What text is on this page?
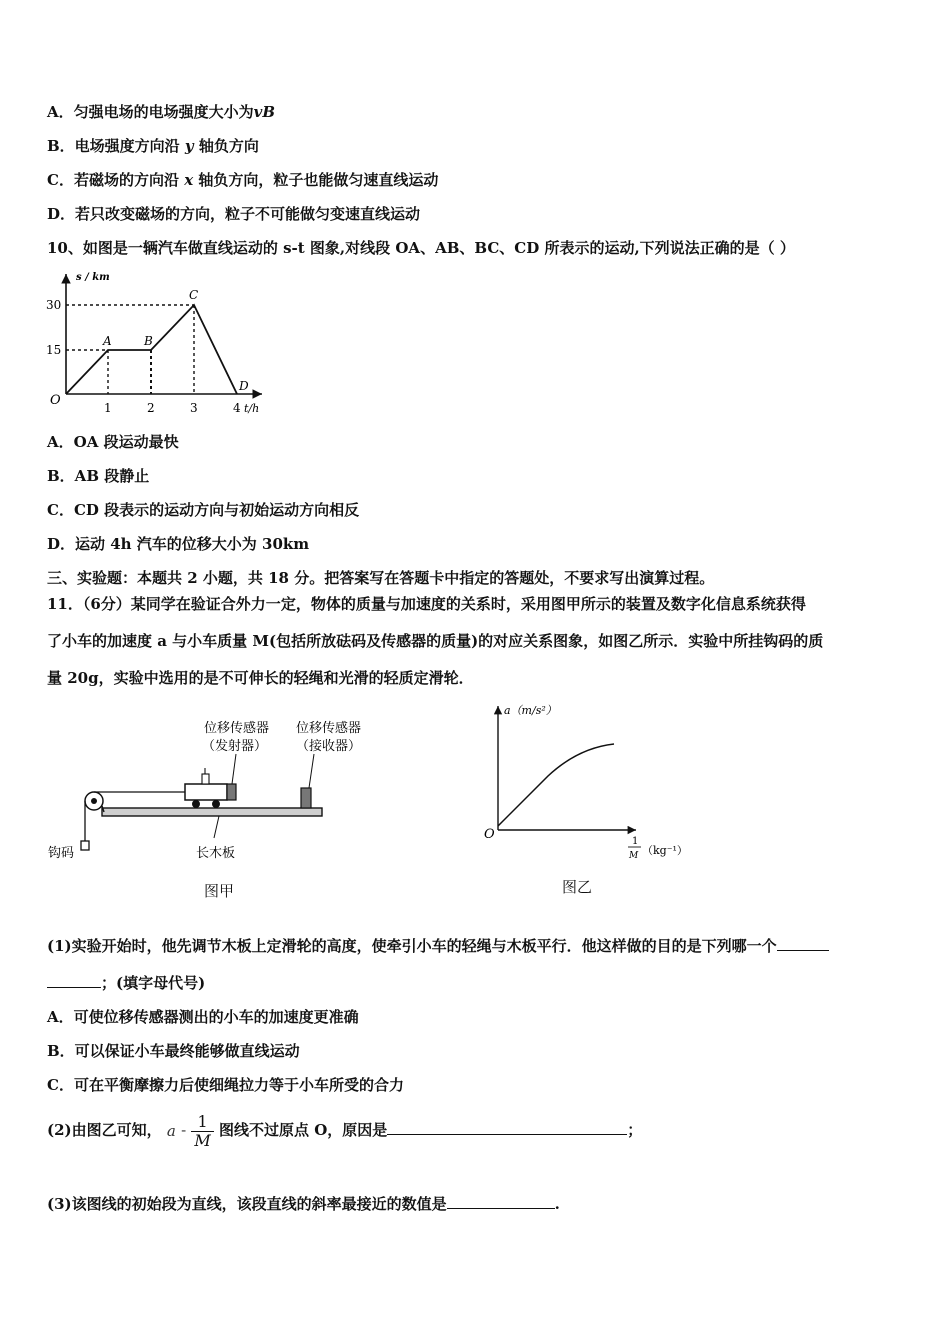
A．匀强电场的电场强度大小为vB
B．电场强度方向沿 y 轴负方向
C．若磁场的方向沿 x 轴负方向，粒子也能做匀速直线运动
D．若只改变磁场的方向，粒子不可能做匀变速直线运动
10、如图是一辆汽车做直线运动的 s-t 图象,对线段 OA、AB、BC、CD 所表示的运动,下列说法正确的是（ ）
s / km
30
15
O	1	2	3	4 t/h
A	B
C
D
A．OA 段运动最快
B．AB 段静止
C．CD 段表示的运动方向与初始运动方向相反
D．运动 4h 汽车的位移大小为 30km
三、实验题：本题共 2 小题，共 18 分。把答案写在答题卡中指定的答题处，不要求写出演算过程。
11．（6分）某同学在验证合外力一定，物体的质量与加速度的关系时，采用图甲所示的装置及数字化信息系统获得
了小车的加速度 a 与小车质量 M(包括所放砝码及传感器的质量)的对应关系图象，如图乙所示．实验中所挂钩码的质
量 20g，实验中选用的是不可伸长的轻绳和光滑的轻质定滑轮．
位移传感器
（发射器）
位移传感器
（接收器）
钩码	长木板
图甲
a（m/s²）
O	1
M （kg⁻¹）
图乙
(1)实验开始时，他先调节木板上定滑轮的高度，使牵引小车的轻绳与木板平行．他这样做的目的是下列哪一个
；(填字母代号)
A．可使位移传感器测出的小车的加速度更准确
B．可以保证小车最终能够做直线运动
C．可在平衡摩擦力后使细绳拉力等于小车所受的合力
(2)由图乙可知， a - $\frac{1}{M}$ 图线不过原点 O，原因是	；
(3)该图线的初始段为直线，该段直线的斜率最接近的数值是	.
